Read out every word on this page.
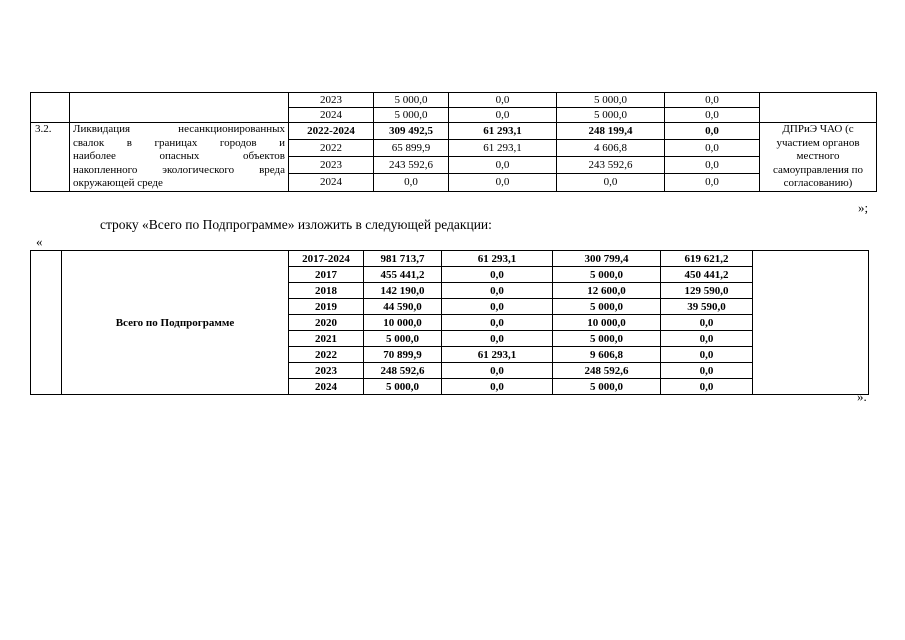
		2023	5 000,0	0,0	5 000,0	0,0	
		2024	5 000,0	0,0	5 000,0	0,0	
3.2.	Ликвидация несанкционированных
свалок в границах городов и
наиболее опасных объектов
накопленного экологического вреда
окружающей среде	2022-2024	309 492,5	61 293,1	248 199,4	0,0	ДПРиЭ ЧАО (с участием органов местного самоуправления по согласованию)
		2022	65 899,9	61 293,1	4 606,8	0,0	
		2023	243 592,6	0,0	243 592,6	0,0	
		2024	0,0	0,0	0,0	0,0	
»;
строку «Всего по Подпрограмме» изложить в следующей редакции:
«
	Всего по Подпрограмме	2017-2024	981 713,7	61 293,1	300 799,4	619 621,2	
		2017	455 441,2	0,0	5 000,0	450 441,2	
		2018	142 190,0	0,0	12 600,0	129 590,0	
		2019	44 590,0	0,0	5 000,0	39 590,0	
		2020	10 000,0	0,0	10 000,0	0,0	
		2021	5 000,0	0,0	5 000,0	0,0	
		2022	70 899,9	61 293,1	9 606,8	0,0	
		2023	248 592,6	0,0	248 592,6	0,0	
		2024	5 000,0	0,0	5 000,0	0,0	
».
